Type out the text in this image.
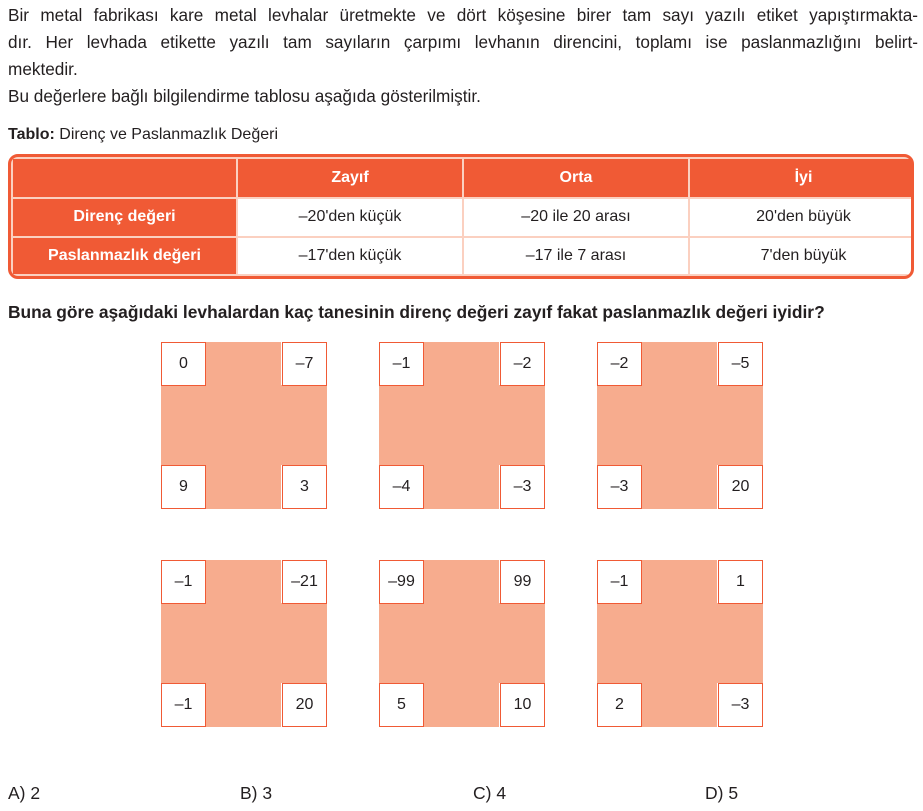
Bir metal fabrikası kare metal levhalar üretmekte ve dört köşesine birer tam sayı yazılı etiket yapıştırmakta-

dır. Her levhada etikette yazılı tam sayıların çarpımı levhanın direncini, toplamı ise paslanmazlığını belirt-

mektedir.

Bu değerlere bağlı bilgilendirme tablosu aşağıda gösterilmiştir.

Tablo: Direnç ve Paslanmazlık Değeri
	Zayıf	Orta	İyi
Direnç değeri	–20'den küçük	–20 ile 20 arası	20'den büyük
Paslanmazlık değeri	–17'den küçük	–17 ile 7 arası	7'den büyük
Buna göre aşağıdaki levhalardan kaç tanesinin direnç değeri zayıf fakat paslanmazlık değeri iyidir?
0	–7
9	3
–1	–2
–4	–3
–2	–5
–3	20
–1	–21
–1	20
–99	99
5	10
–1	1
2	–3
A) 2	B) 3	C) 4	D) 5
